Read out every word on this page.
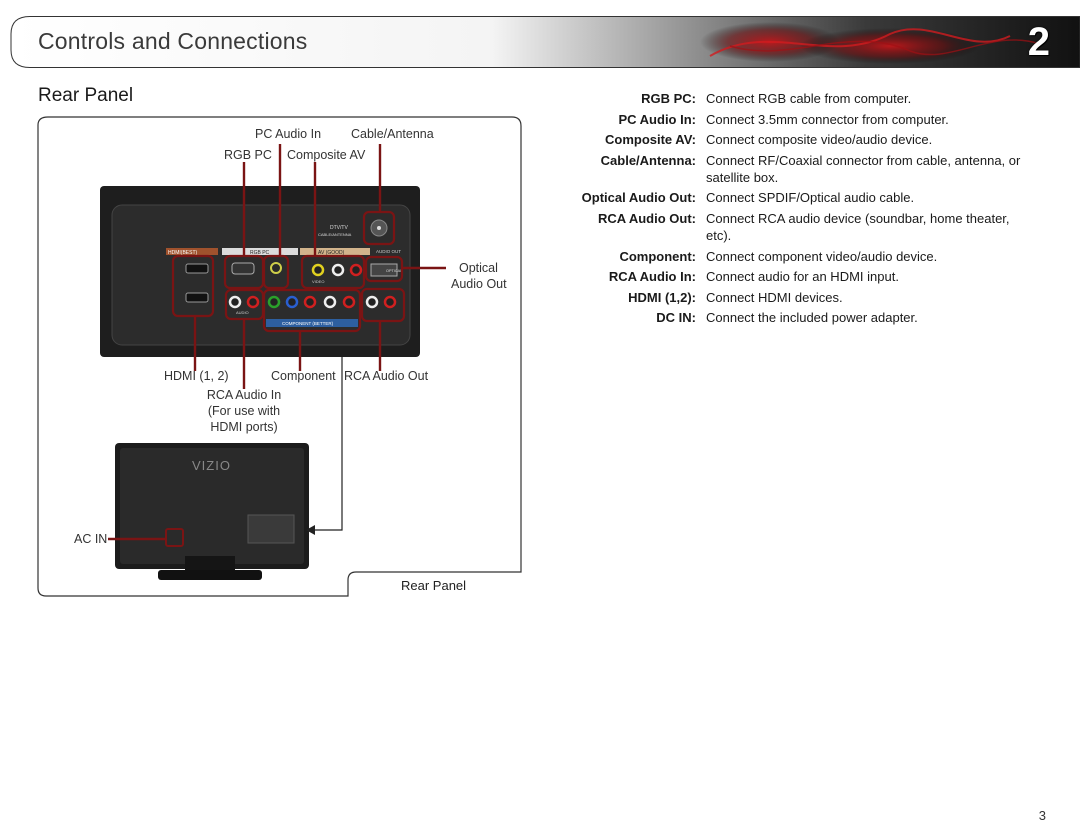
Controls and Connections	2
Rear Panel
HDMI(BEST)	RGB PC	AV (GOOD)	AUDIO OUT
DTV/TV
CABLE/ANTENNA
VIDEO
OPTICAL
AUDIO
COMPONENT (BETTER)
VIZIO
PC Audio In Cable/Antenna
RGB PC Composite AV
Optical
Audio Out
HDMI (1, 2)	Component RCA Audio Out
RCA Audio In
(For use with
HDMI ports)
AC IN
Rear Panel
RGB PC: Connect RGB cable from computer.
PC Audio In: Connect 3.5mm connector from computer.
Composite AV: Connect composite video/audio device.
Cable/Antenna: Connect RF/Coaxial connector from cable, antenna, or satellite box.
Optical Audio Out: Connect SPDIF/Optical audio cable.
RCA Audio Out: Connect RCA audio device (soundbar, home theater, etc).
Component: Connect component video/audio device.
RCA Audio In: Connect audio for an HDMI input.
HDMI (1,2): Connect HDMI devices.
DC IN: Connect the included power adapter.
3
